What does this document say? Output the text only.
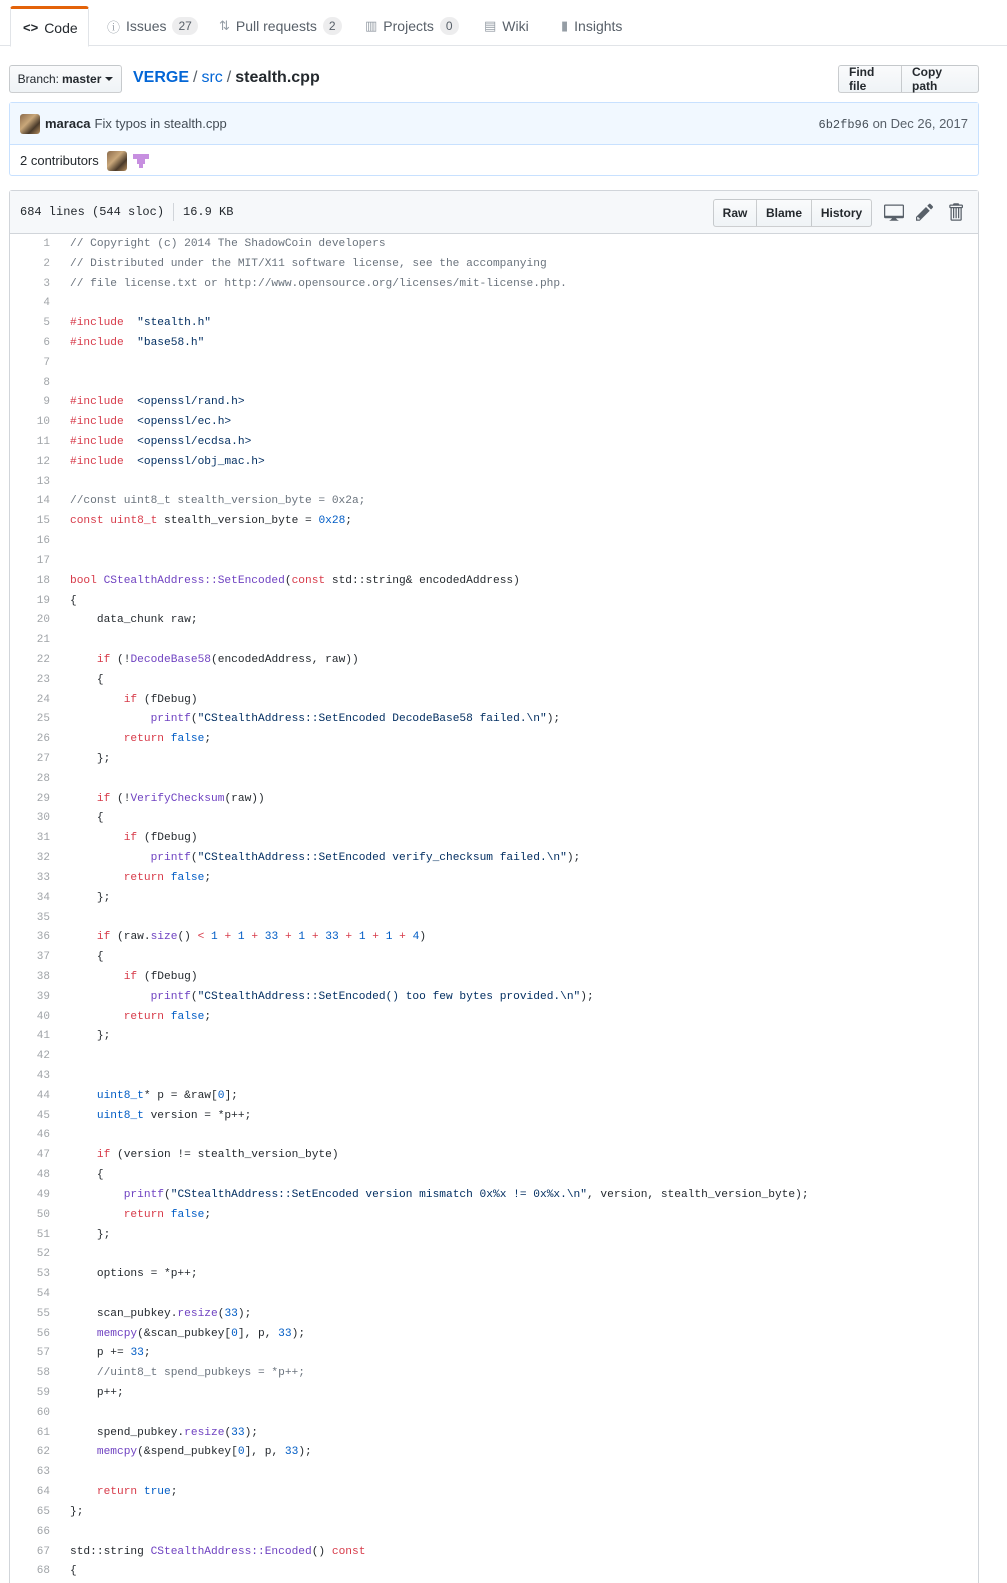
<> Code ⓘ Issues	27	⇅ Pull requests	2	▥ Projects	0	▤ Wiki ▮ Insights
Branch: master VERGE / src / stealth.cpp	Find file
Copy path
maraca Fix typos in stealth.cpp	6b2fb96 on Dec 26, 2017
2 contributors
684 lines (544 sloc) 16.9 KB	Raw	Blame	History
1	// Copyright (c) 2014 The ShadowCoin developers
2	// Distributed under the MIT/X11 software license, see the accompanying
3	// file license.txt or http://www.opensource.org/licenses/mit-license.php.
4
5	#include "stealth.h"
6	#include "base58.h"
7
8
9	#include <openssl/rand.h>
10	#include <openssl/ec.h>
11	#include <openssl/ecdsa.h>
12	#include <openssl/obj_mac.h>
13
14	//const uint8_t stealth_version_byte = 0x2a;
15	const uint8_t stealth_version_byte = 0x28;
16
17
18	bool CStealthAddress::SetEncoded(const std::string& encodedAddress)
19	{
20	data_chunk raw;
21
22	if (!DecodeBase58(encodedAddress, raw))
23	{
24	if (fDebug)
25	printf("CStealthAddress::SetEncoded DecodeBase58 failed.\n");
26	return false;
27	};
28
29	if (!VerifyChecksum(raw))
30	{
31	if (fDebug)
32	printf("CStealthAddress::SetEncoded verify_checksum failed.\n");
33	return false;
34	};
35
36	if (raw.size() < 1 + 1 + 33 + 1 + 33 + 1 + 1 + 4)
37	{
38	if (fDebug)
39	printf("CStealthAddress::SetEncoded() too few bytes provided.\n");
40	return false;
41	};
42
43
44	uint8_t* p = &raw[0];
45	uint8_t version = *p++;
46
47	if (version != stealth_version_byte)
48	{
49	printf("CStealthAddress::SetEncoded version mismatch 0x%x != 0x%x.\n", version, stealth_version_byte);
50	return false;
51	};
52
53	options = *p++;
54
55	scan_pubkey.resize(33);
56	memcpy(&scan_pubkey[0], p, 33);
57	p += 33;
58	//uint8_t spend_pubkeys = *p++;
59	p++;
60
61	spend_pubkey.resize(33);
62	memcpy(&spend_pubkey[0], p, 33);
63
64	return true;
65	};
66
67	std::string CStealthAddress::Encoded() const
68	{
